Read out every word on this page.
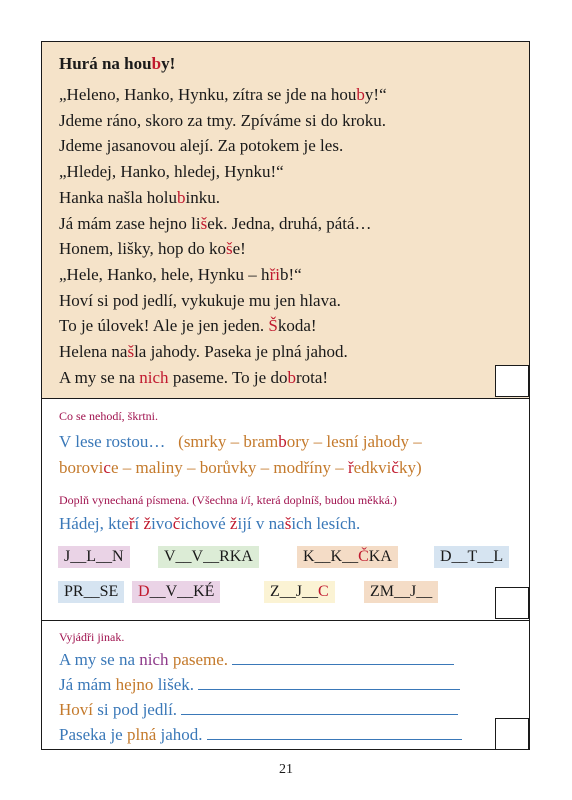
Hurá na houby!
„Heleno, Hanko, Hynku, zítra se jde na houby!“
Jdeme ráno, skoro za tmy. Zpíváme si do kroku.
Jdeme jasanovou alejí. Za potokem je les.
„Hledej, Hanko, hledej, Hynku!“
Hanka našla holubinku.
Já mám zase hejno lišek. Jedna, druhá, pátá…
Honem, lišky, hop do koše!
„Hele, Hanko, hele, Hynku – hřib!“
Hoví si pod jedlí, vykukuje mu jen hlava.
To je úlovek! Ale je jen jeden. Škoda!
Helena našla jahody. Paseka je plná jahod.
A my se na nich paseme. To je dobrota!
Co se nehodí, škrtni.
V lese rostou… (smrky – brambory – lesní jahody –
borovice – maliny – borůvky – modříny – ředkvičky)
Doplň vynechaná písmena. (Všechna i/í, která doplníš, budou měkká.)
Hádej, kteří živočichové žijí v našich lesích.
J__L__N	V__V__RKA	K__K__ČKA	D__T__L
PR__SE	D__V__KÉ	Z__J__C	ZM__J__
Vyjádři jinak.
A my se na nich paseme.
Já mám hejno lišek.
Hoví si pod jedlí.
Paseka je plná jahod.
21
